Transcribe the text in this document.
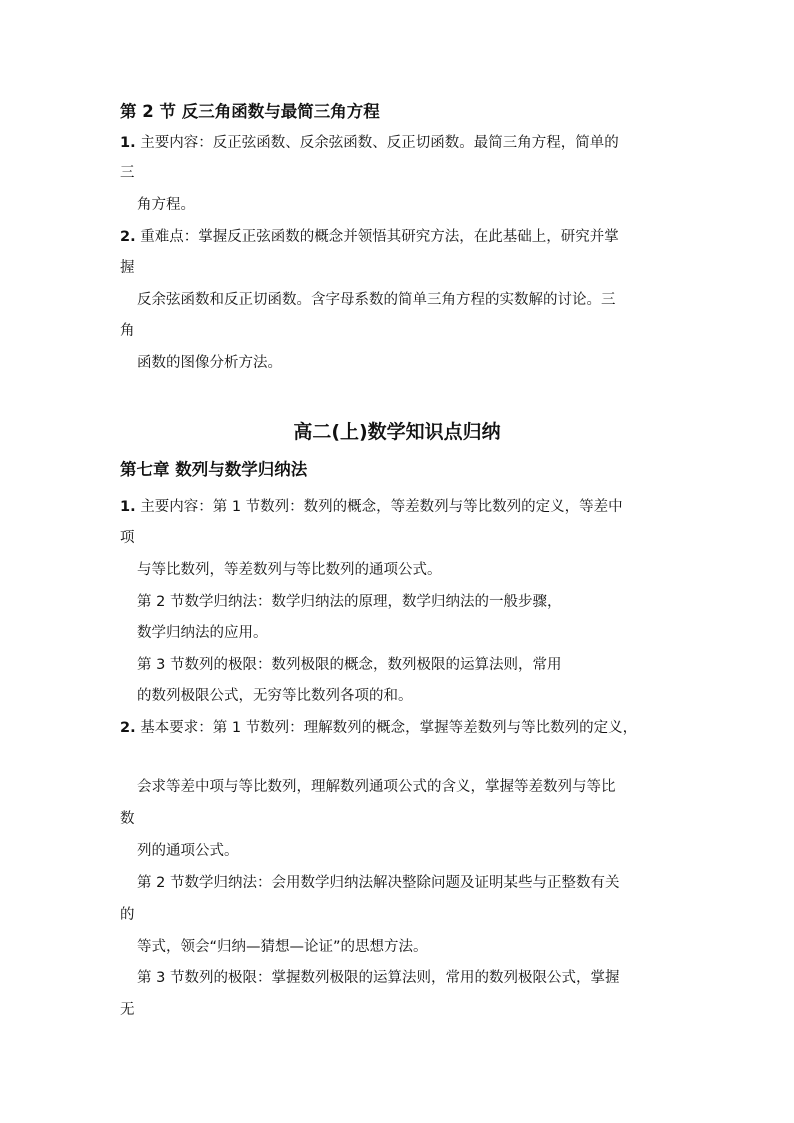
第 2 节 反三角函数与最简三角方程
1. 主要内容：反正弦函数、反余弦函数、反正切函数。最简三角方程，简单的
三
角方程。
2. 重难点：掌握反正弦函数的概念并领悟其研究方法，在此基础上，研究并掌
握
反余弦函数和反正切函数。含字母系数的简单三角方程的实数解的讨论。三
角
函数的图像分析方法。
高二(上)数学知识点归纳
第七章 数列与数学归纳法
1. 主要内容：第 1 节数列：数列的概念，等差数列与等比数列的定义，等差中
项
与等比数列，等差数列与等比数列的通项公式。
第 2 节数学归纳法：数学归纳法的原理，数学归纳法的一般步骤，
数学归纳法的应用。
第 3 节数列的极限：数列极限的概念，数列极限的运算法则，常用
的数列极限公式，无穷等比数列各项的和。
2. 基本要求：第 1 节数列：理解数列的概念，掌握等差数列与等比数列的定义，
会求等差中项与等比数列，理解数列通项公式的含义，掌握等差数列与等比
数
列的通项公式。
第 2 节数学归纳法：会用数学归纳法解决整除问题及证明某些与正整数有关
的
等式，领会“归纳—猜想—论证”的思想方法。
第 3 节数列的极限：掌握数列极限的运算法则，常用的数列极限公式，掌握
无
